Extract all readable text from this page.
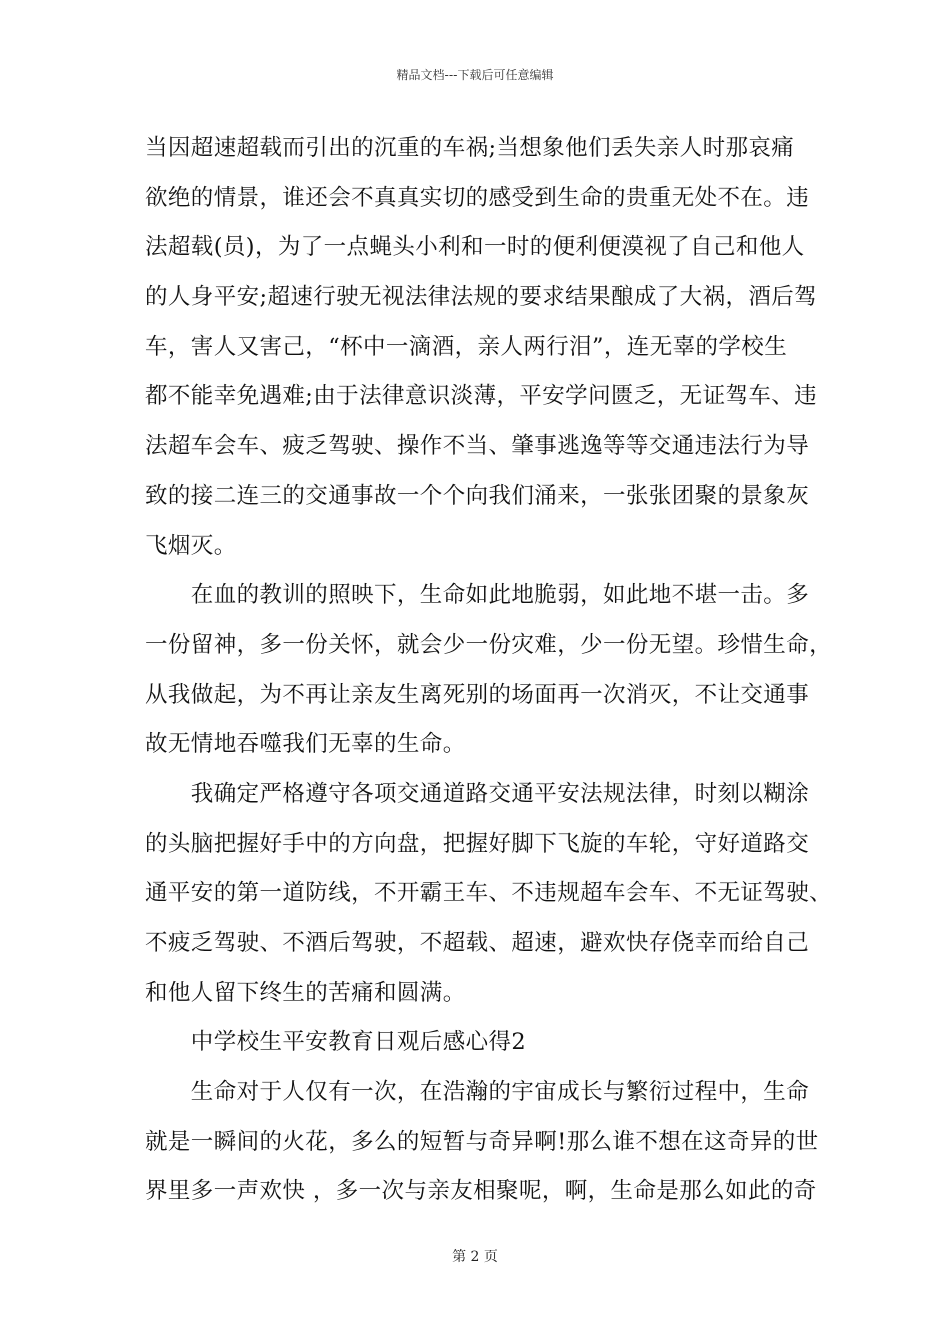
精品文档---下载后可任意编辑
当因超速超载而引出的沉重的车祸;当想象他们丢失亲人时那哀痛
欲绝的情景，谁还会不真真实切的感受到生命的贵重无处不在。违
法超载(员)，为了一点蝇头小利和一时的便利便漠视了自己和他人
的人身平安;超速行驶无视法律法规的要求结果酿成了大祸，酒后驾
车，害人又害己，“杯中一滴酒，亲人两行泪”，连无辜的学校生
都不能幸免遇难;由于法律意识淡薄，平安学问匮乏，无证驾车、违
法超车会车、疲乏驾驶、操作不当、肇事逃逸等等交通违法行为导
致的接二连三的交通事故一个个向我们涌来，一张张团聚的景象灰
飞烟灭。
　　在血的教训的照映下，生命如此地脆弱，如此地不堪一击。多
一份留神，多一份关怀，就会少一份灾难，少一份无望。珍惜生命，
从我做起，为不再让亲友生离死别的场面再一次消灭，不让交通事
故无情地吞噬我们无辜的生命。
　　我确定严格遵守各项交通道路交通平安法规法律，时刻以糊涂
的头脑把握好手中的方向盘，把握好脚下飞旋的车轮，守好道路交
通平安的第一道防线，不开霸王车、不违规超车会车、不无证驾驶、
不疲乏驾驶、不酒后驾驶，不超载、超速，避欢快存侥幸而给自己
和他人留下终生的苦痛和圆满。
　　中学校生平安教育日观后感心得2
　　生命对于人仅有一次，在浩瀚的宇宙成长与繁衍过程中，生命
就是一瞬间的火花，多么的短暂与奇异啊!那么谁不想在这奇异的世
界里多一声欢快 ，多一次与亲友相聚呢，啊，生命是那么如此的奇
第 2 页
